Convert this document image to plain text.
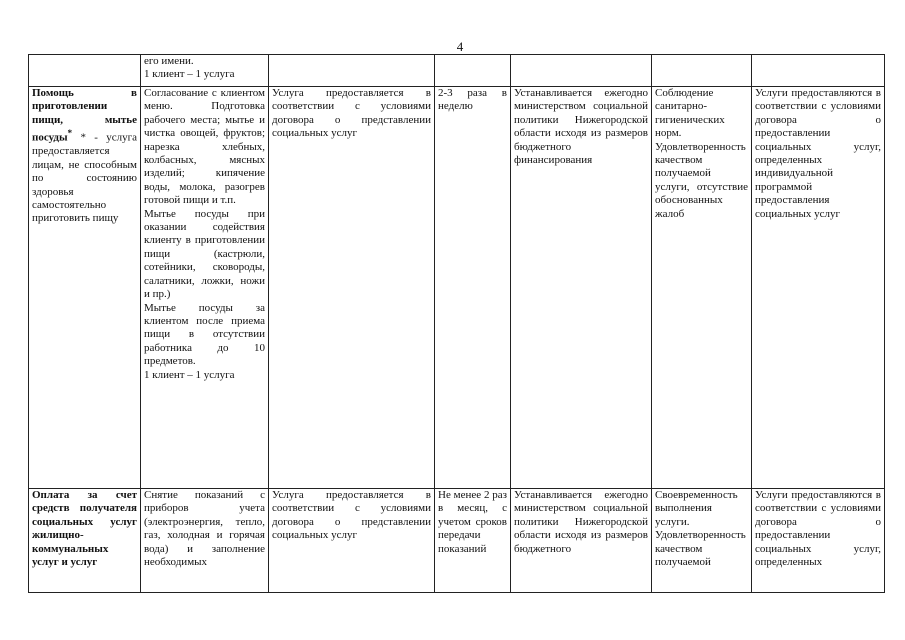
4
	его имени.
1 клиент – 1 услуга					
Помощь в приготовлении пищи, мытье посуды* * - услуга предоставляется лицам, не способным по состоянию здоровья самостоятельно приготовить пищу	Согласование с клиентом меню. Подготовка рабочего места; мытье и чистка овощей, фруктов; нарезка хлебных, колбасных, мясных изделий; кипячение воды, молока, разогрев готовой пищи и т.п.
Мытье посуды при оказании содействия клиенту в приготовлении пищи (кастрюли, сотейники, сковороды, салатники, ложки, ножи и пр.)
Мытье посуды за клиентом после приема пищи в отсутствии работника до 10 предметов.
1 клиент – 1 услуга	Услуга предоставляется в соответствии с условиями договора о представлении социальных услуг	2-3 раза в неделю	Устанавливается ежегодно министерством социальной политики Нижегородской области исходя из размеров бюджетного финансирования	Соблюдение санитарно-гигиенических норм. Удовлетворенность качеством получаемой услуги, отсутствие обоснованных жалоб	Услуги предоставляются в соответствии с условиями договора о предоставлении социальных услуг, определенных индивидуальной программой предоставления социальных услуг

Оплата за счет средств получателя социальных услуг жилищно-коммунальных услуг и услуг	Снятие показаний с приборов учета (электроэнергия, тепло, газ, холодная и горячая вода) и заполнение необходимых	Услуга предоставляется в соответствии с условиями договора о представлении социальных услуг	Не менее 2 раз в месяц, с учетом сроков передачи показаний	Устанавливается ежегодно министерством социальной политики Нижегородской области исходя из размеров бюджетного	Своевременность выполнения услуги. Удовлетворенность качеством получаемой	Услуги предоставляются в соответствии с условиями договора о предоставлении социальных услуг, определенных
